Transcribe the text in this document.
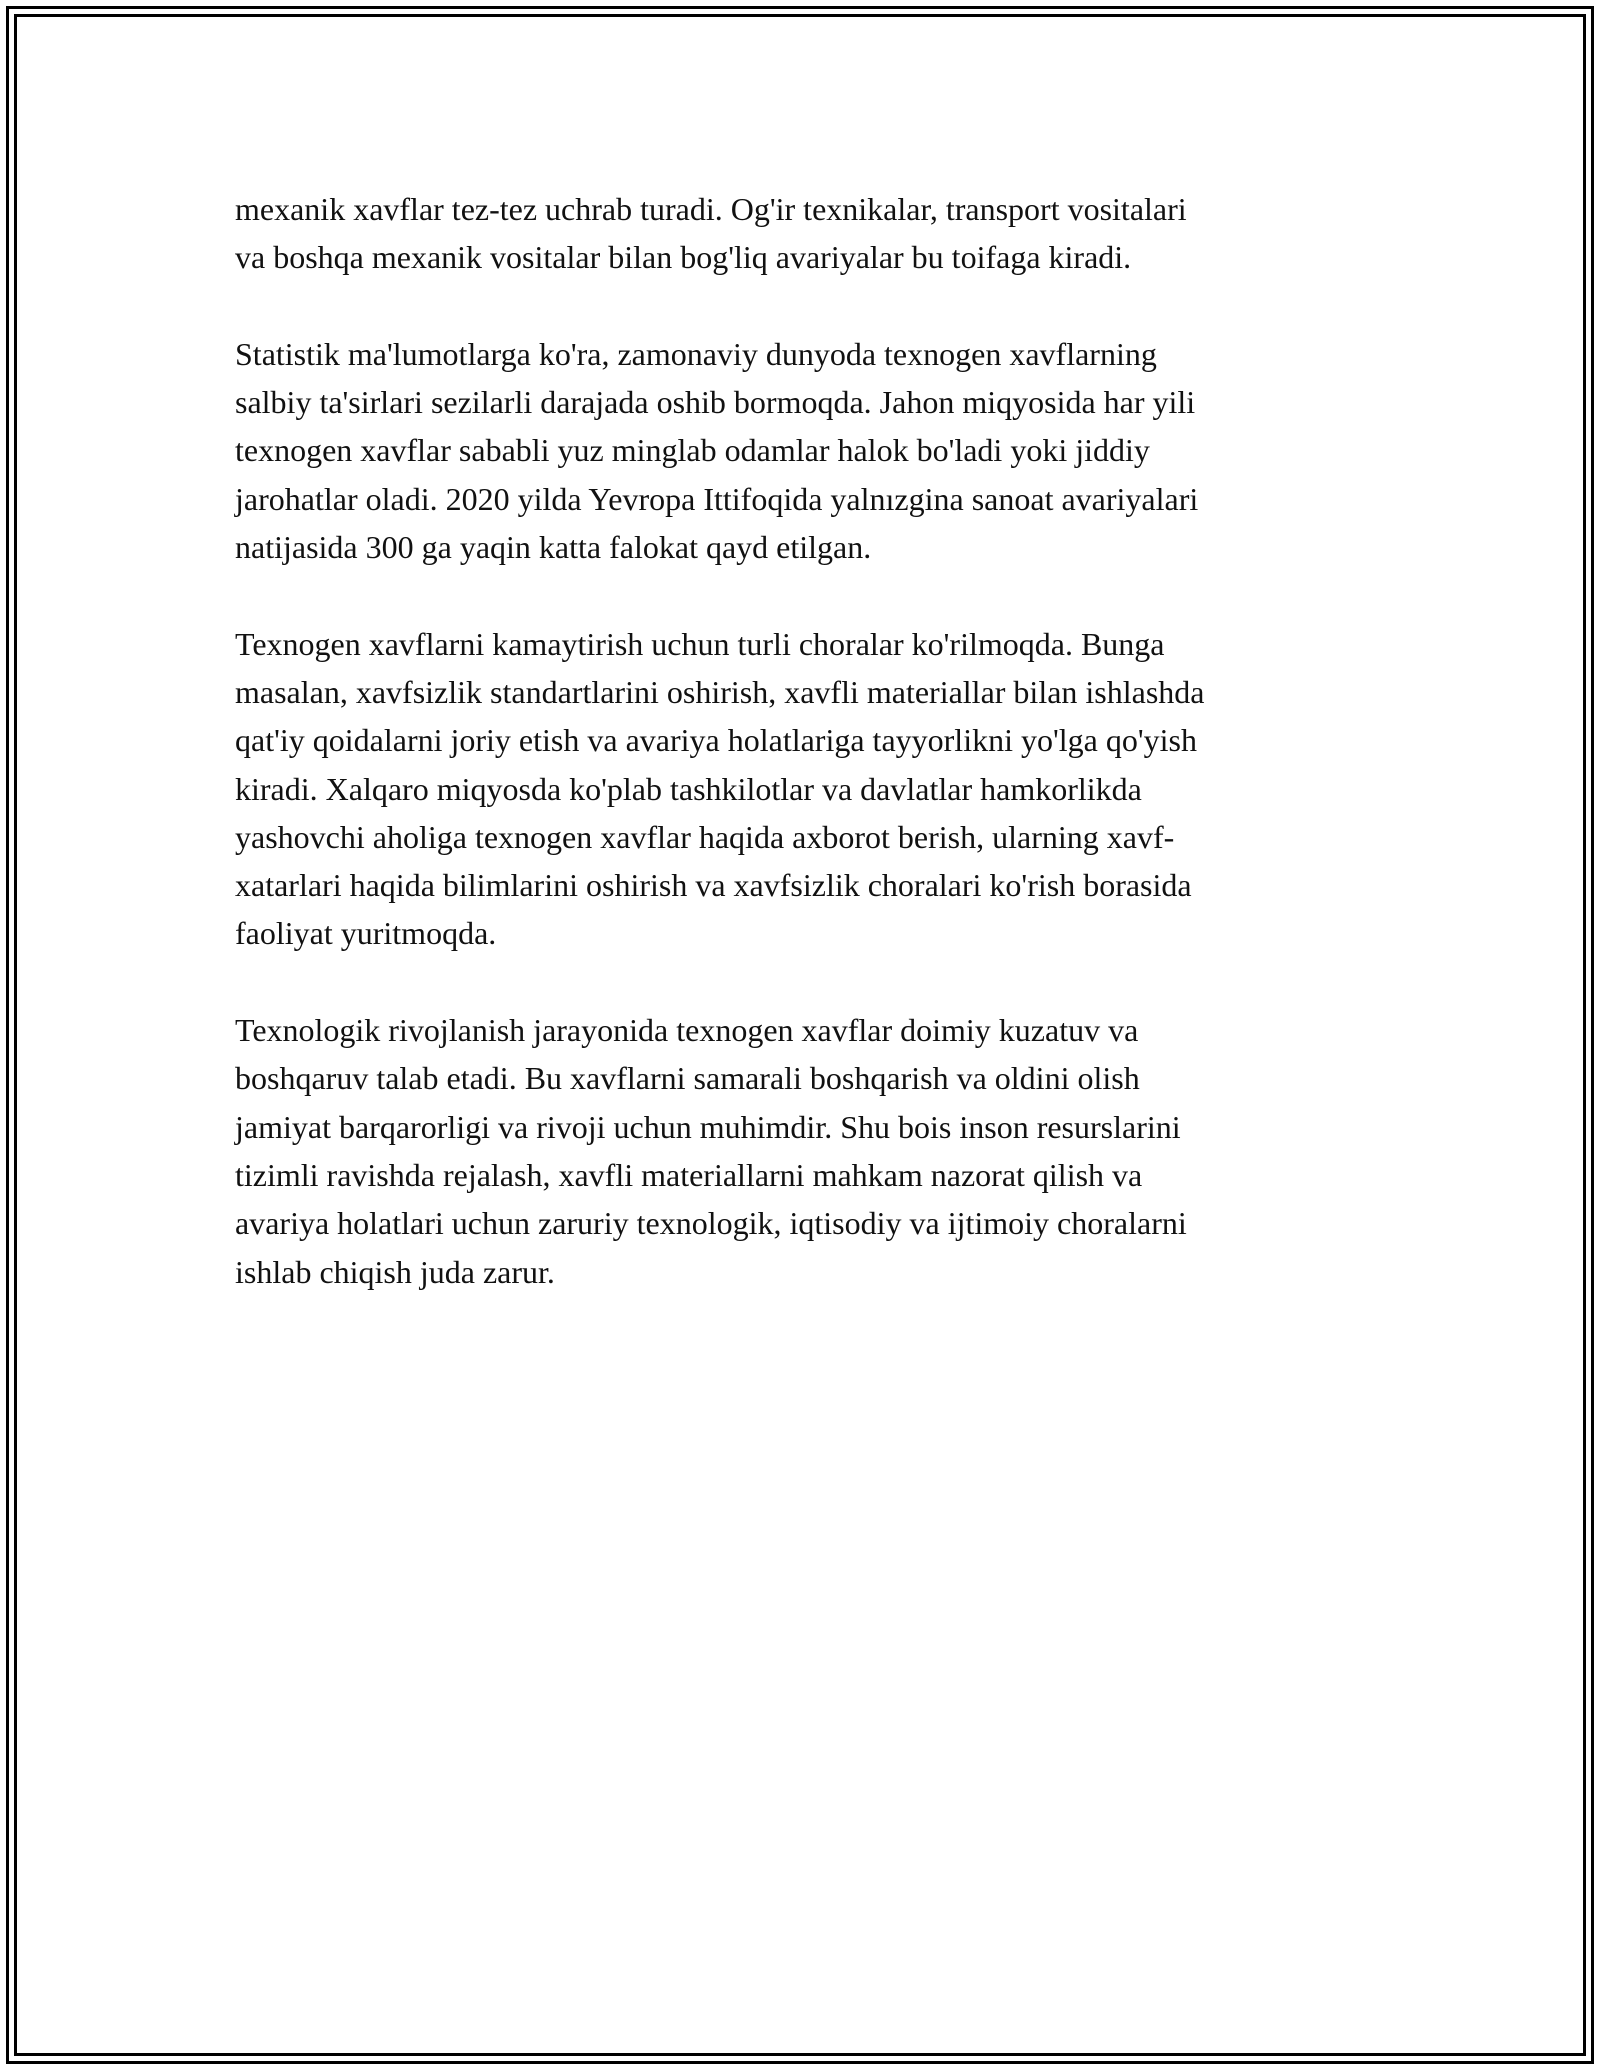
mexanik xavflar tez-tez uchrab turadi. Og'ir texnikalar, transport vositalari
va boshqa mexanik vositalar bilan bog'liq avariyalar bu toifaga kiradi.

Statistik ma'lumotlarga ko'ra, zamonaviy dunyoda texnogen xavflarning
salbiy ta'sirlari sezilarli darajada oshib bormoqda. Jahon miqyosida har yili
texnogen xavflar sababli yuz minglab odamlar halok bo'ladi yoki jiddiy
jarohatlar oladi. 2020 yilda Yevropa Ittifoqida yalnızgina sanoat avariyalari
natijasida 300 ga yaqin katta falokat qayd etilgan.

Texnogen xavflarni kamaytirish uchun turli choralar ko'rilmoqda. Bunga
masalan, xavfsizlik standartlarini oshirish, xavfli materiallar bilan ishlashda
qat'iy qoidalarni joriy etish va avariya holatlariga tayyorlikni yo'lga qo'yish
kiradi. Xalqaro miqyosda ko'plab tashkilotlar va davlatlar hamkorlikda
yashovchi aholiga texnogen xavflar haqida axborot berish, ularning xavf-
xatarlari haqida bilimlarini oshirish va xavfsizlik choralari ko'rish borasida
faoliyat yuritmoqda.

Texnologik rivojlanish jarayonida texnogen xavflar doimiy kuzatuv va
boshqaruv talab etadi. Bu xavflarni samarali boshqarish va oldini olish
jamiyat barqarorligi va rivoji uchun muhimdir. Shu bois inson resurslarini
tizimli ravishda rejalash, xavfli materiallarni mahkam nazorat qilish va
avariya holatlari uchun zaruriy texnologik, iqtisodiy va ijtimoiy choralarni
ishlab chiqish juda zarur.
